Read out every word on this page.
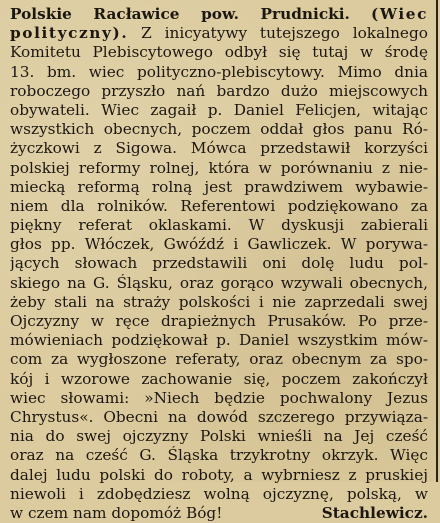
Polskie Racławice pow. Prudnicki. (Wiec
polityczny). Z inicyatywy tutejszego lokalnego
Komitetu Plebiscytowego odbył się tutaj w środę
13. bm. wiec polityczno-plebiscytowy. Mimo dnia
roboczego przyszło nań bardzo dużo miejscowych
obywateli. Wiec zagaił p. Daniel Felicjen, witając
wszystkich obecnych, poczem oddał głos panu Ró-
życzkowi z Sigowa. Mówca przedstawił korzyści
polskiej reformy rolnej, która w porównaniu z nie-
miecką reformą rolną jest prawdziwem wybawie-
niem dla rolników. Referentowi podziękowano za
piękny referat oklaskami. W dyskusji zabierali
głos pp. Włóczek, Gwóźdź i Gawliczek. W porywa-
jących słowach przedstawili oni dolę ludu pol-
skiego na G. Śląsku, oraz gorąco wzywali obecnych,
żeby stali na straży polskości i nie zaprzedali swej
Ojczyzny w ręce drapieżnych Prusaków. Po prze-
mówieniach podziękował p. Daniel wszystkim mów-
com za wygłoszone referaty, oraz obecnym za spo-
kój i wzorowe zachowanie się, poczem zakończył
wiec słowami: »Niech będzie pochwalony Jezus
Chrystus«. Obecni na dowód szczerego przywiąza-
nia do swej ojczyzny Polski wnieśli na Jej cześć
oraz na cześć G. Śląska trzykrotny okrzyk. Więc
dalej ludu polski do roboty, a wybrniesz z pruskiej
niewoli i zdobędziesz wolną ojczyznę, polską, w
w czem nam dopomóż Bóg!	Stachlewicz.
